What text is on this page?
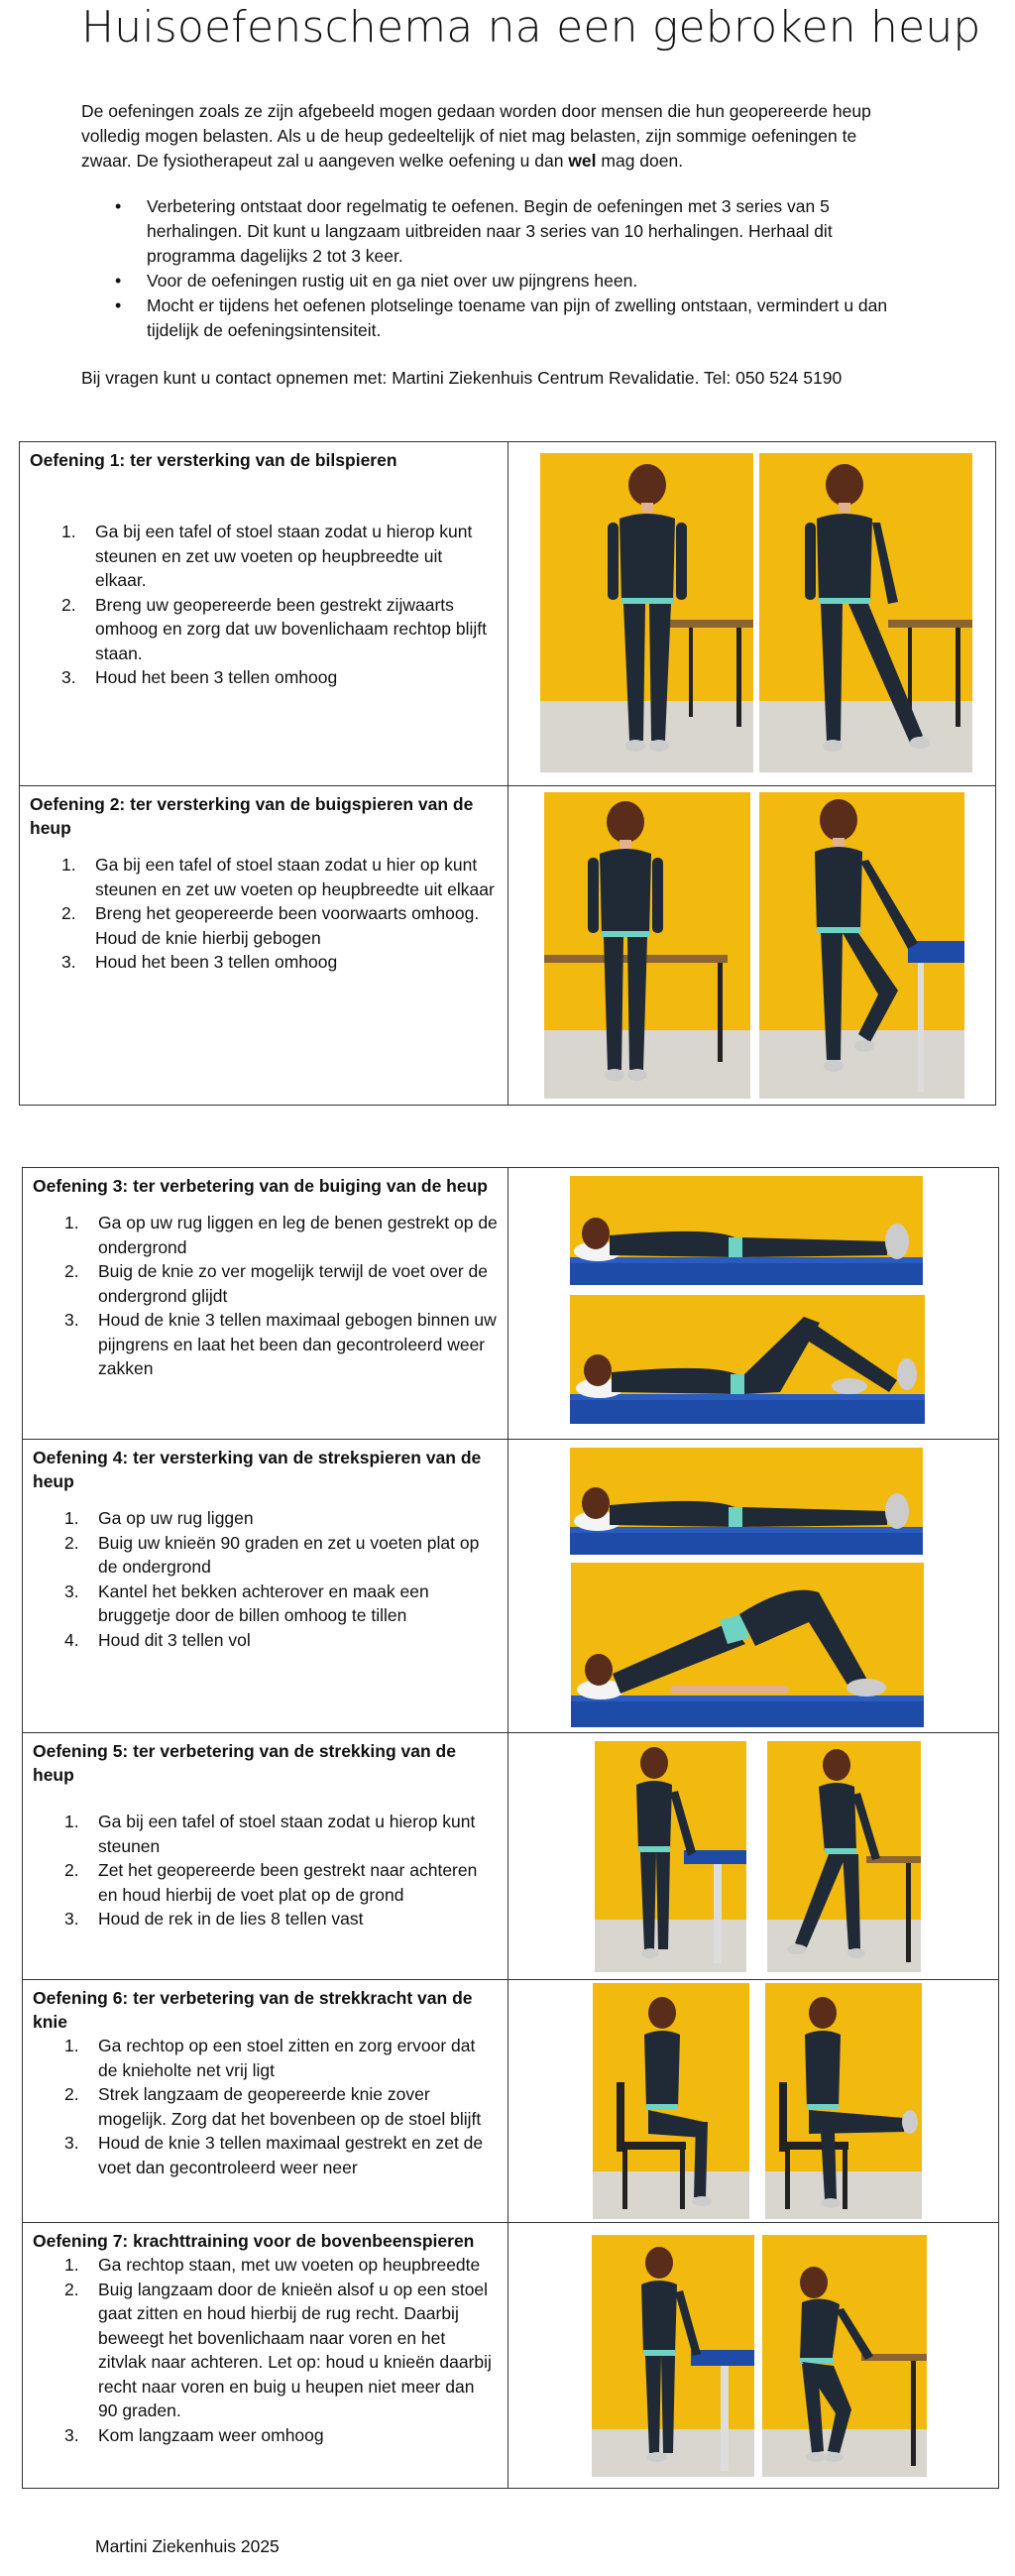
Huisoefenschema na een gebroken heup

De oefeningen zoals ze zijn afgebeeld mogen gedaan worden door mensen die hun geopereerde heup volledig mogen belasten. Als u de heup gedeeltelijk of niet mag belasten, zijn sommige oefeningen te zwaar. De fysiotherapeut zal u aangeven welke oefening u dan wel mag doen.

• Verbetering ontstaat door regelmatig te oefenen. Begin de oefeningen met 3 series van 5 herhalingen. Dit kunt u langzaam uitbreiden naar 3 series van 10 herhalingen. Herhaal dit programma dagelijks 2 tot 3 keer.
• Voor de oefeningen rustig uit en ga niet over uw pijngrens heen.
• Mocht er tijdens het oefenen plotselinge toename van pijn of zwelling ontstaan, vermindert u dan tijdelijk de oefeningsintensiteit.

Bij vragen kunt u contact opnemen met: Martini Ziekenhuis Centrum Revalidatie. Tel: 050 524 5190

Oefening 1: ter versterking van de bilspieren
1. Ga bij een tafel of stoel staan zodat u hierop kunt steunen en zet uw voeten op heupbreedte uit elkaar.
2. Breng uw geopereerde been gestrekt zijwaarts omhoog en zorg dat uw bovenlichaam rechtop blijft staan.
3. Houd het been 3 tellen omhoog
Oefening 2: ter versterking van de buigspieren van de heup
1. Ga bij een tafel of stoel staan zodat u hier op kunt steunen en zet uw voeten op heupbreedte uit elkaar
2. Breng het geopereerde been voorwaarts omhoog. Houd de knie hierbij gebogen
3. Houd het been 3 tellen omhoog
Oefening 3: ter verbetering van de buiging van de heup
1. Ga op uw rug liggen en leg de benen gestrekt op de ondergrond
2. Buig de knie zo ver mogelijk terwijl de voet over de ondergrond glijdt
3. Houd de knie 3 tellen maximaal gebogen binnen uw pijngrens en laat het been dan gecontroleerd weer zakken
Oefening 4: ter versterking van de strekspieren van de heup
1. Ga op uw rug liggen
2. Buig uw knieën 90 graden en zet u voeten plat op de ondergrond
3. Kantel het bekken achterover en maak een bruggetje door de billen omhoog te tillen
4. Houd dit 3 tellen vol
Oefening 5: ter verbetering van de strekking van de heup
1. Ga bij een tafel of stoel staan zodat u hierop kunt steunen
2. Zet het geopereerde been gestrekt naar achteren en houd hierbij de voet plat op de grond
3. Houd de rek in de lies 8 tellen vast
Oefening 6: ter verbetering van de strekkracht van de knie
1. Ga rechtop op een stoel zitten en zorg ervoor dat de knieholte net vrij ligt
2. Strek langzaam de geopereerde knie zover mogelijk. Zorg dat het bovenbeen op de stoel blijft
3. Houd de knie 3 tellen maximaal gestrekt en zet de voet dan gecontroleerd weer neer
Oefening 7: krachttraining voor de bovenbeenspieren
1. Ga rechtop staan, met uw voeten op heupbreedte
2. Buig langzaam door de knieën alsof u op een stoel gaat zitten en houd hierbij de rug recht. Daarbij beweegt het bovenlichaam naar voren en het zitvlak naar achteren. Let op: houd u knieën daarbij recht naar voren en buig u heupen niet meer dan 90 graden.
3. Kom langzaam weer omhoog

Martini Ziekenhuis 2025
